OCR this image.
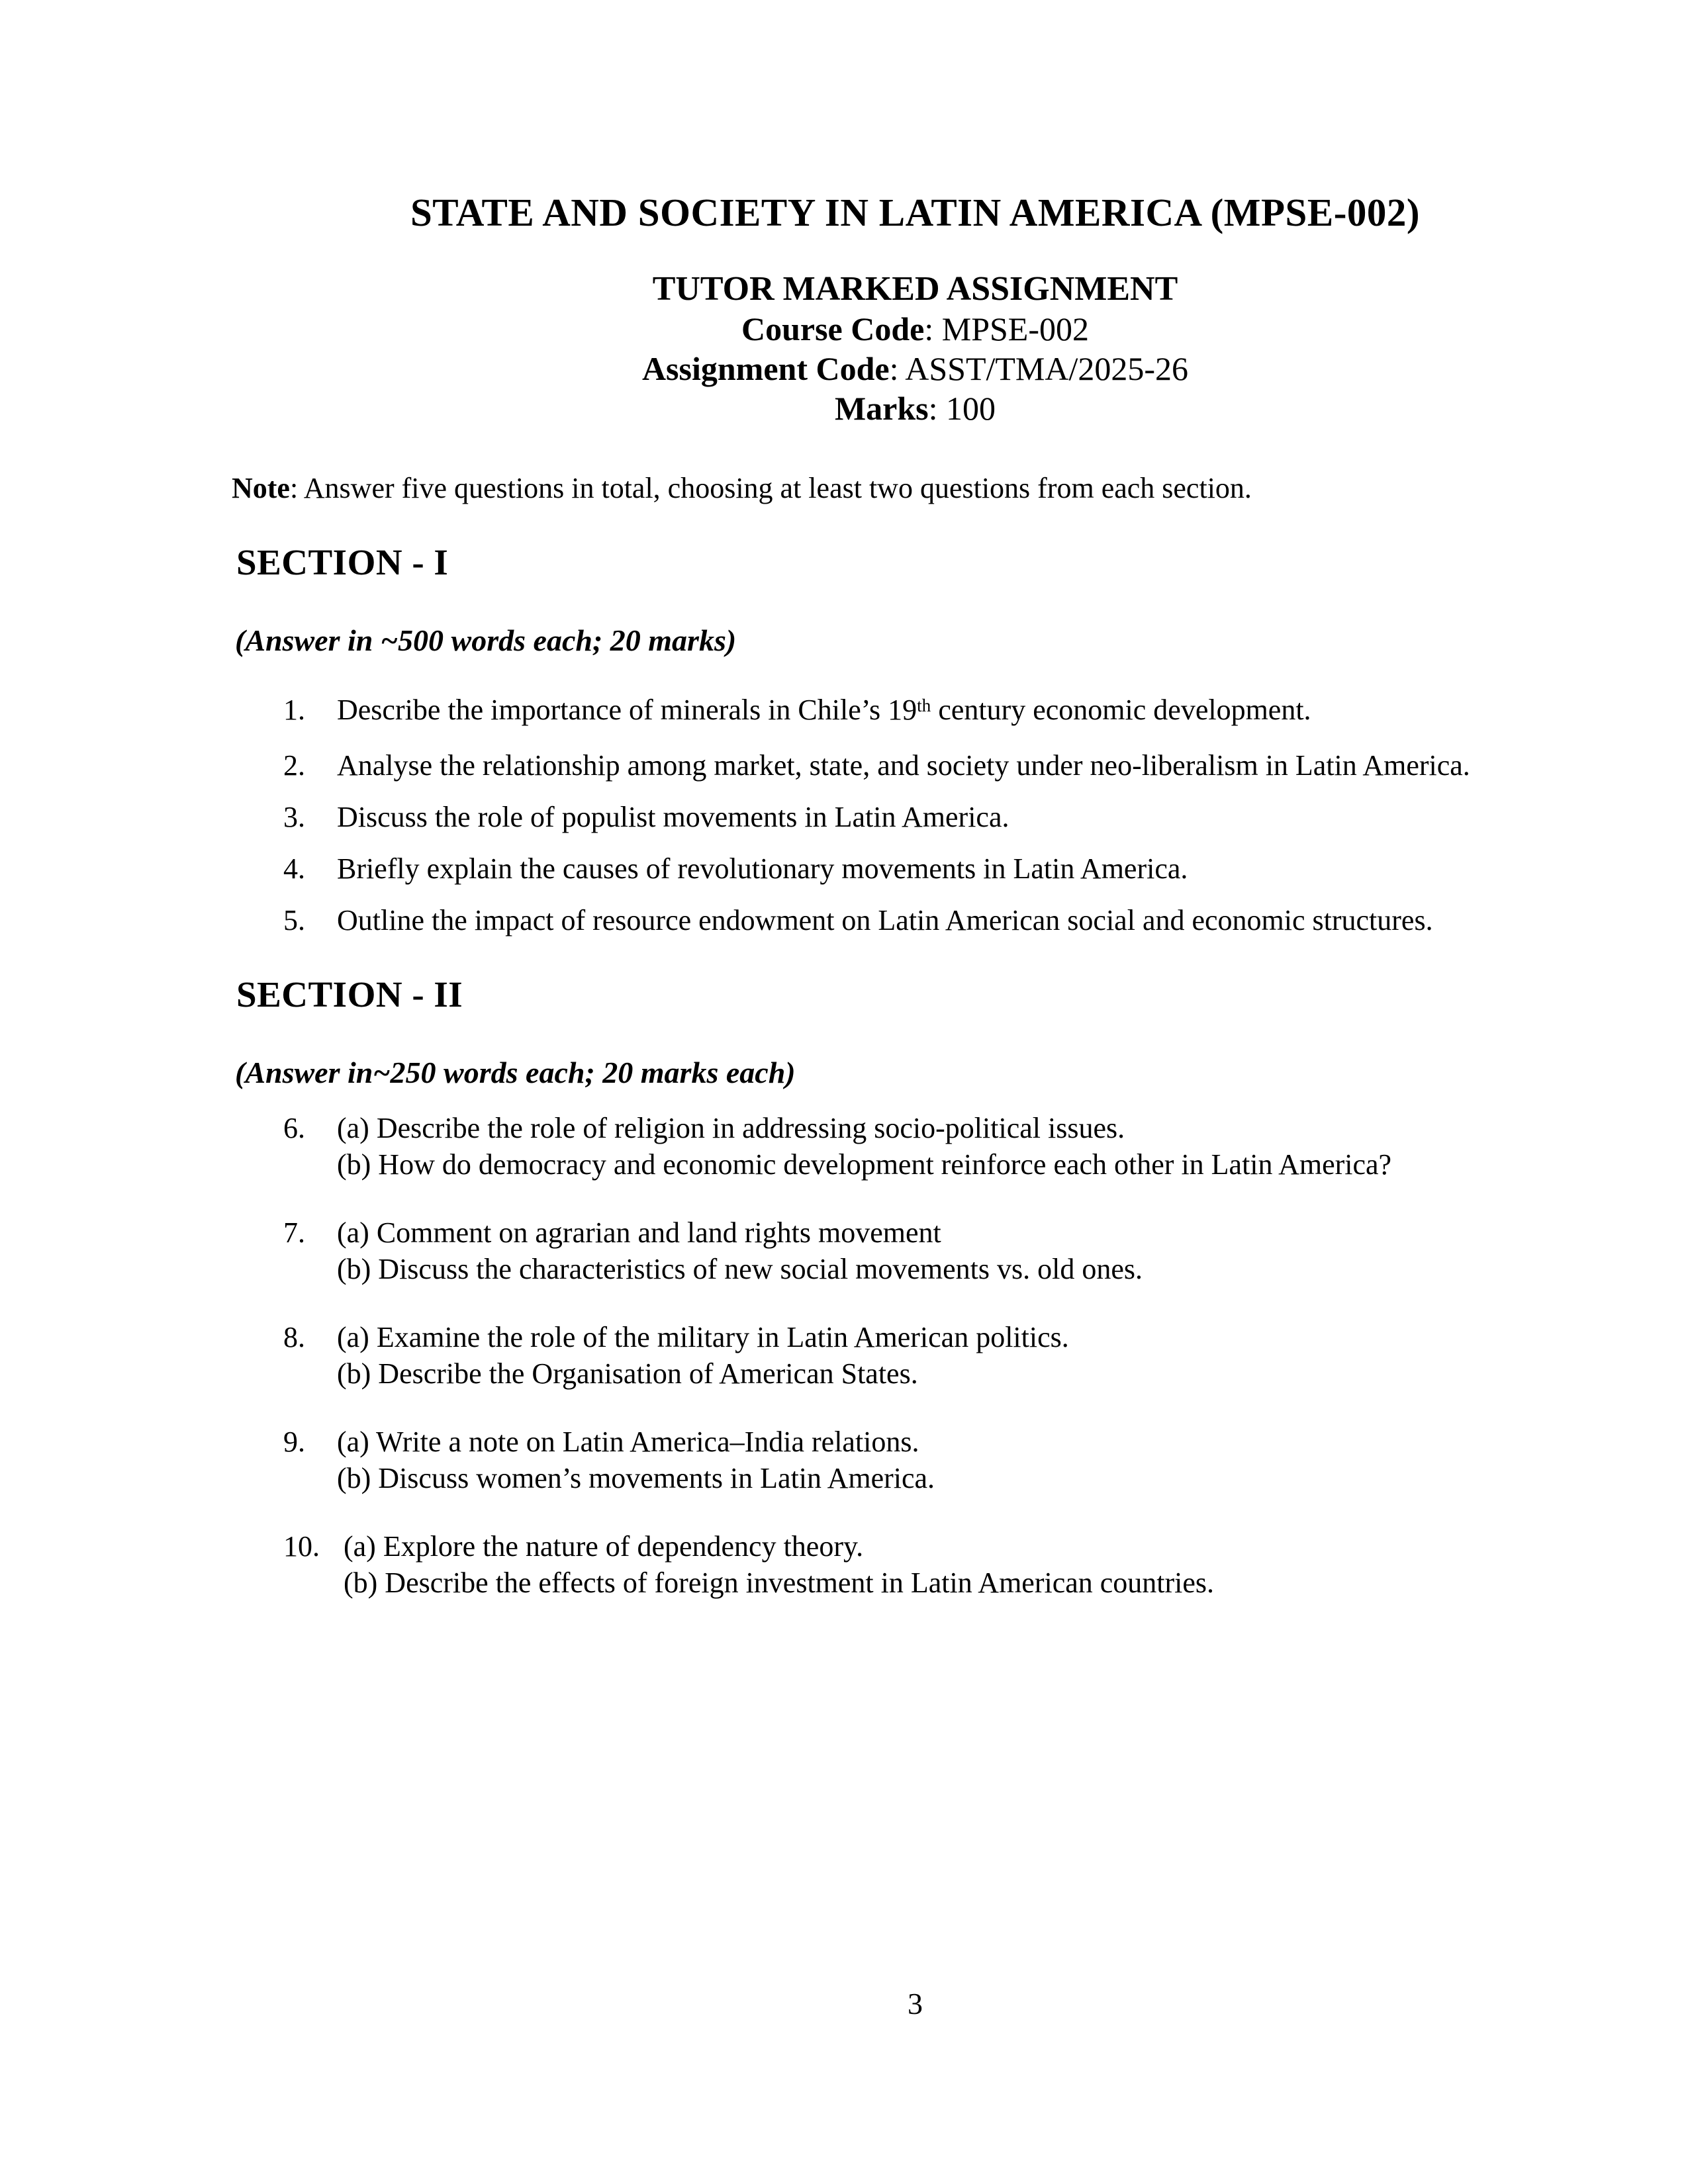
STATE AND SOCIETY IN LATIN AMERICA (MPSE-002)
TUTOR MARKED ASSIGNMENT
Course Code: MPSE-002
Assignment Code: ASST/TMA/2025-26
Marks: 100

Note: Answer five questions in total, choosing at least two questions from each section.

SECTION - I

(Answer in ~500 words each; 20 marks)

1. Describe the importance of minerals in Chile’s 19th century economic development.
2. Analyse the relationship among market, state, and society under neo-liberalism in Latin America.
3. Discuss the role of populist movements in Latin America.
4. Briefly explain the causes of revolutionary movements in Latin America.
5. Outline the impact of resource endowment on Latin American social and economic structures.
SECTION - II

(Answer in~250 words each; 20 marks each)

6. (a) Describe the role of religion in addressing socio-political issues.
(b) How do democracy and economic development reinforce each other in Latin America?
7. (a) Comment on agrarian and land rights movement
(b) Discuss the characteristics of new social movements vs. old ones.
8. (a) Examine the role of the military in Latin American politics.
(b) Describe the Organisation of American States.
9. (a) Write a note on Latin America–India relations.
(b) Discuss women’s movements in Latin America.
10. (a) Explore the nature of dependency theory.
(b) Describe the effects of foreign investment in Latin American countries.
3
